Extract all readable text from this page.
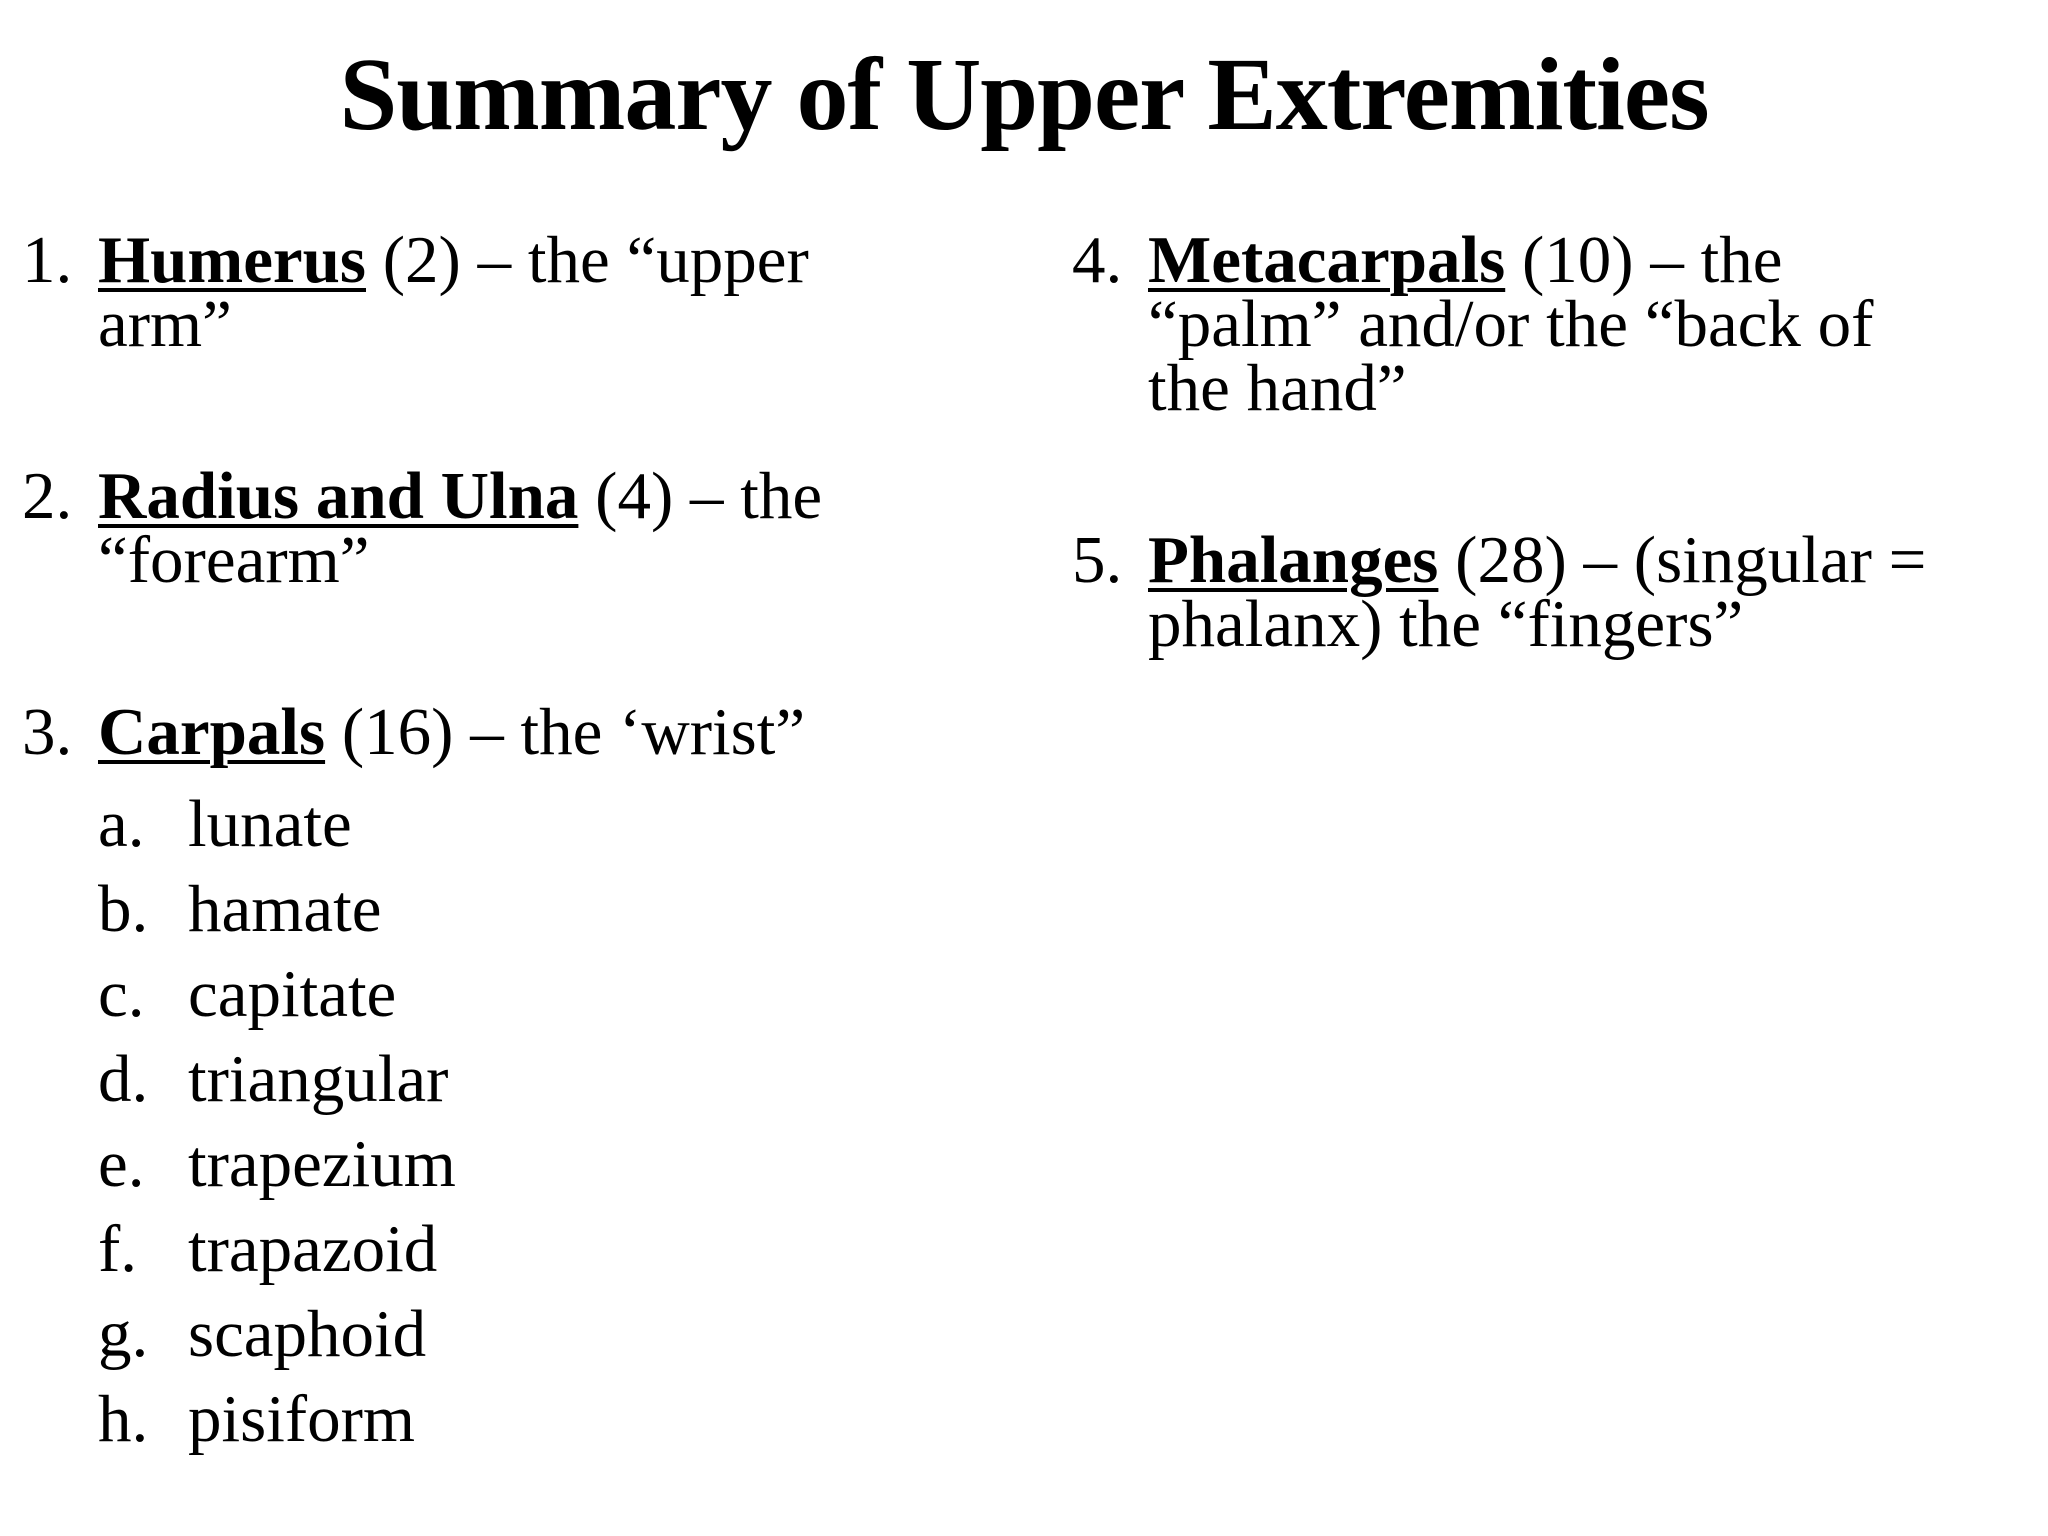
Summary of Upper Extremities
1. Humerus (2) – the “upper
arm”
2. Radius and Ulna (4) – the
“forearm”
3. Carpals (16) – the ‘wrist”
a. lunate
b. hamate
c. capitate
d. triangular
e. trapezium
f. trapazoid
g. scaphoid
h. pisiform
4. Metacarpals (10) – the
“palm” and/or the “back of
the hand”
5. Phalanges (28) – (singular =
phalanx) the “fingers”
